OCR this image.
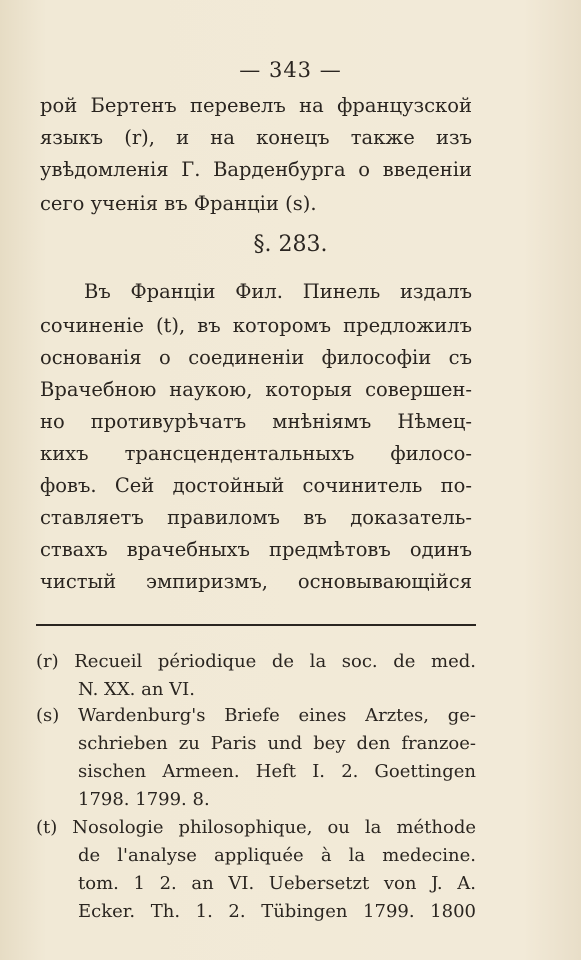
— 343 —
рой Бертенъ перевелъ на французской
языкъ (r), и на конецъ также изъ
увѣдомленія Г. Варденбурга о введеніи
сего ученія въ Франціи (s).
§. 283.
Въ Франціи Фил. Пинель издалъ
сочиненіе (t), въ которомъ предложилъ
основанія о соединеніи философіи съ
Врачебною наукою, которыя совершен-
но противурѣчатъ мнѣніямъ Нѣмец-
кихъ трансцендентальныхъ филосо-
фовъ. Сей достойный сочинитель по-
ставляетъ правиломъ въ доказатель-
ствахъ врачебныхъ предмѣтовъ одинъ
чистый эмпиризмъ, основывающійся
(r) Recueil périodique de la soc. de med.
N. XX. an VI.
(s) Wardenburg's Briefe eines Arztes, ge-
schrieben zu Paris und bey den franzoe-
sischen Armeen. Heft I. 2. Goettingen
1798. 1799. 8.
(t) Nosologie philosophique, ou la méthode
de l'analyse appliquée à la medecine.
tom. 1 2. an VI. Uebersetzt von J. A.
Ecker. Th. 1. 2. Tübingen 1799. 1800
